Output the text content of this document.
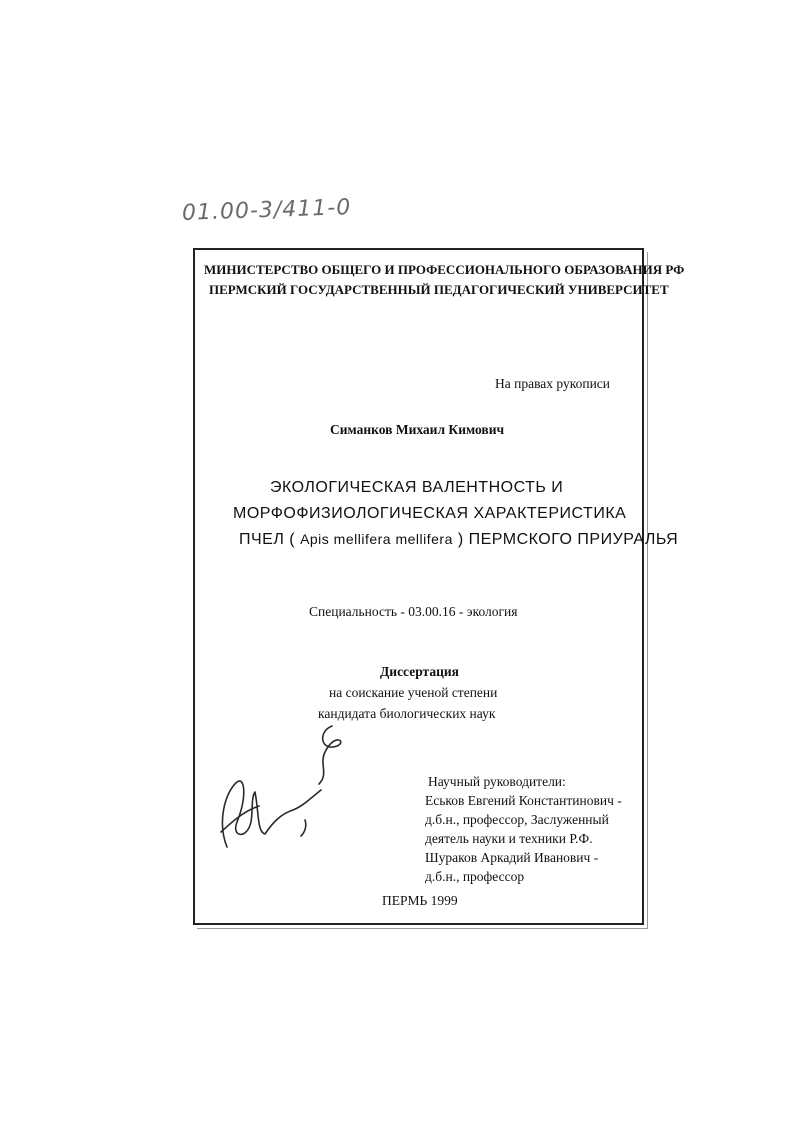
01.00-3/411-0
МИНИСТЕРСТВО ОБЩЕГО И ПРОФЕССИОНАЛЬНОГО ОБРАЗОВАНИЯ РФ
ПЕРМСКИЙ ГОСУДАРСТВЕННЫЙ ПЕДАГОГИЧЕСКИЙ УНИВЕРСИТЕТ
На правах рукописи
Симанков Михаил Кимович
ЭКОЛОГИЧЕСКАЯ ВАЛЕНТНОСТЬ И
МОРФОФИЗИОЛОГИЧЕСКАЯ ХАРАКТЕРИСТИКА
ПЧЕЛ ( Apis mellifera mellifera ) ПЕРМСКОГО ПРИУРАЛЬЯ
Специальность - 03.00.16 - экология
Диссертация
на соискание ученой степени
кандидата биологических наук
Научный руководители:
Еськов Евгений Константинович -
д.б.н., профессор, Заслуженный
деятель науки и техники Р.Ф.
Шураков Аркадий Иванович -
д.б.н., профессор
ПЕРМЬ 1999
